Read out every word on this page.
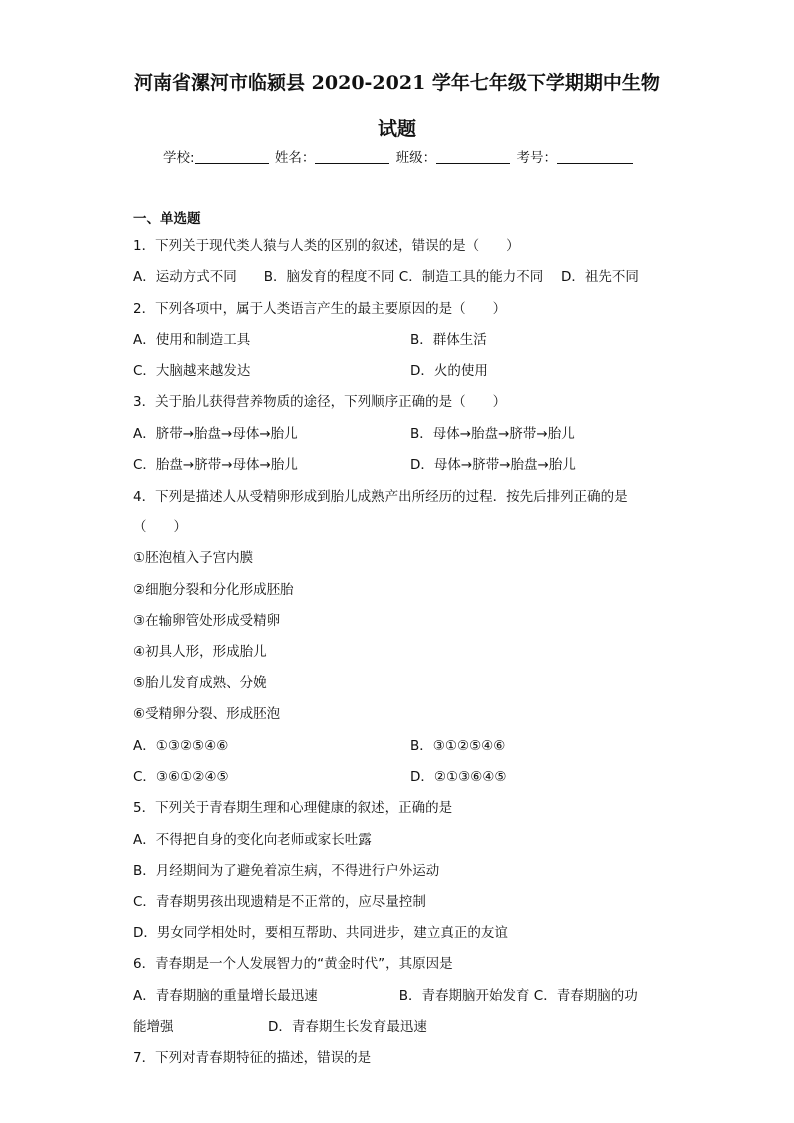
河南省漯河市临颍县 2020-2021 学年七年级下学期期中生物
试题
学校:	姓名：	班级：	考号：
一、单选题
1．下列关于现代类人猿与人类的区别的叙述，错误的是（　　）
A．运动方式不同　　B．脑发育的程度不同 C．制造工具的能力不同　 D．祖先不同
2．下列各项中，属于人类语言产生的最主要原因的是（　　）
A．使用和制造工具	B．群体生活
C．大脑越来越发达	D．火的使用
3．关于胎儿获得营养物质的途径，下列顺序正确的是（　　）
A．脐带→胎盘→母体→胎儿	B．母体→胎盘→脐带→胎儿
C．胎盘→脐带→母体→胎儿	D．母体→脐带→胎盘→胎儿
4．下列是描述人从受精卵形成到胎儿成熟产出所经历的过程．按先后排列正确的是
（　　）
①胚泡植入子宫内膜
②细胞分裂和分化形成胚胎
③在输卵管处形成受精卵
④初具人形，形成胎儿
⑤胎儿发育成熟、分娩
⑥受精卵分裂、形成胚泡
A．①③②⑤④⑥	B．③①②⑤④⑥
C．③⑥①②④⑤	D．②①③⑥④⑤
5．下列关于青春期生理和心理健康的叙述，正确的是
A．不得把自身的变化向老师或家长吐露
B．月经期间为了避免着凉生病，不得进行户外运动
C．青春期男孩出现遗精是不正常的，应尽量控制
D．男女同学相处时，要相互帮助、共同进步，建立真正的友谊
6．青春期是一个人发展智力的“黄金时代”，其原因是
A．青春期脑的重量增长最迅速　　　　　　B．青春期脑开始发育 C．青春期脑的功
能增强　　　　　　　D．青春期生长发育最迅速
7．下列对青春期特征的描述，错误的是
